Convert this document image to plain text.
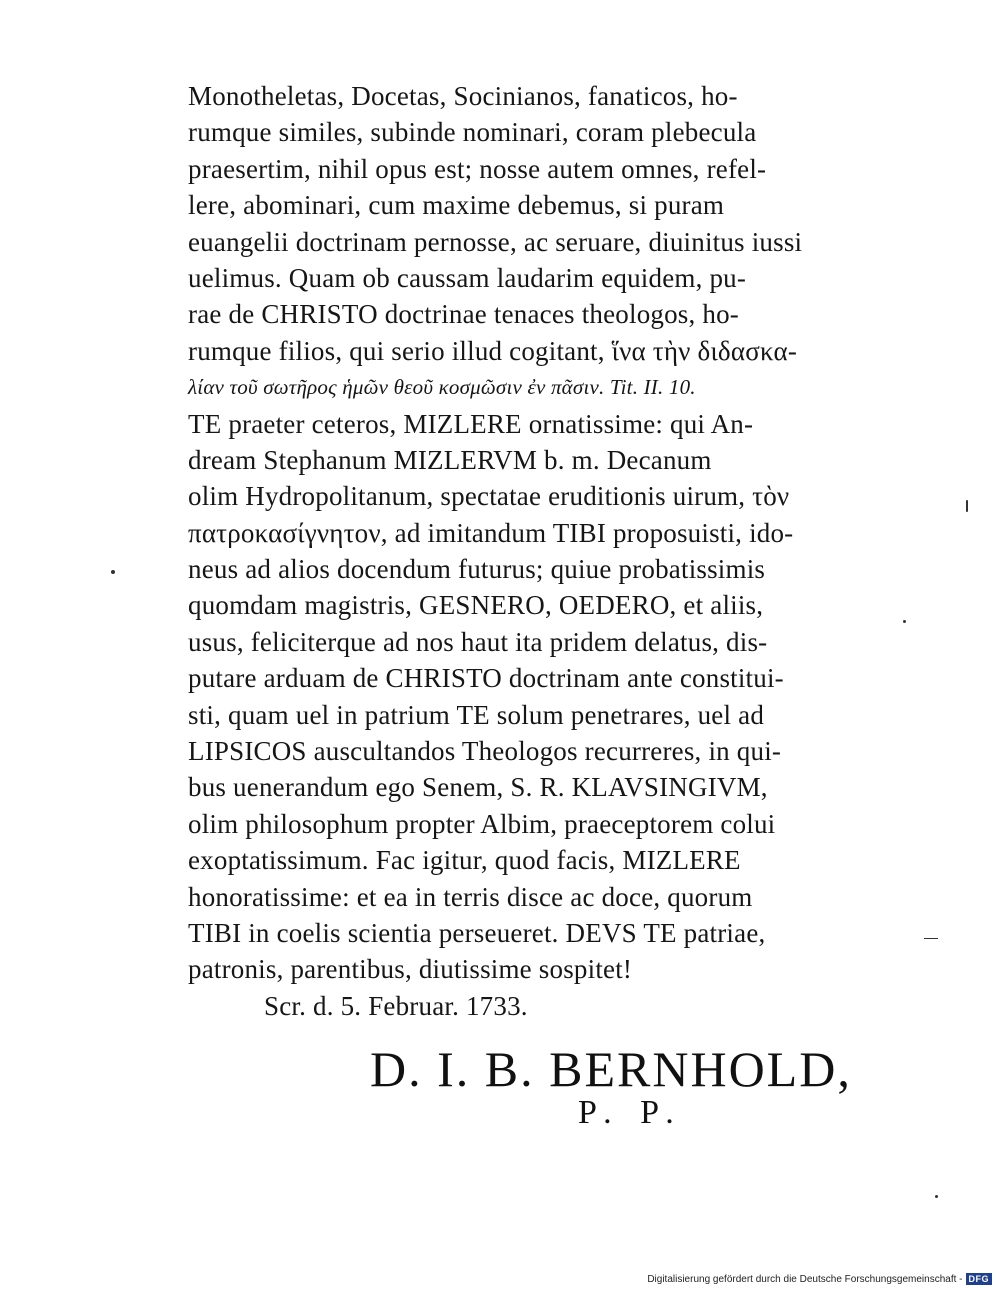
Monotheletas, Docetas, Socinianos, fanaticos, ho-
rumque similes, subinde nominari, coram plebecula
praesertim, nihil opus est; nosse autem omnes, refel-
lere, abominari, cum maxime debemus, si puram
euangelii doctrinam pernosse, ac seruare, diuinitus iussi
uelimus. Quam ob caussam laudarim equidem, pu-
rae de CHRISTO doctrinae tenaces theologos, ho-
rumque filios, qui serio illud cogitant, ἵνα τὴν διδασκα-
λίαν τοῦ σωτῆρος ἡμῶν θεοῦ κοσμῶσιν ἐν πᾶσιν. Tit. II. 10.
TE praeter ceteros, MIZLERE ornatissime: qui An-
dream Stephanum MIZLERVM b. m. Decanum
olim Hydropolitanum, spectatae eruditionis uirum, τὸν
πατροκασίγνητον, ad imitandum TIBI proposuisti, ido-
neus ad alios docendum futurus; quiue probatissimis
quomdam magistris, GESNERO, OEDERO, et aliis,
usus, feliciterque ad nos haut ita pridem delatus, dis-
putare arduam de CHRISTO doctrinam ante constitui-
sti, quam uel in patrium TE solum penetrares, uel ad
LIPSICOS auscultandos Theologos recurreres, in qui-
bus uenerandum ego Senem, S. R. KLAVSINGIVM,
olim philosophum propter Albim, praeceptorem colui
exoptatissimum. Fac igitur, quod facis, MIZLERE
honoratissime: et ea in terris disce ac doce, quorum
TIBI in coelis scientia perseueret. DEVS TE patriae,
patronis, parentibus, diutissime sospitet!
Scr. d. 5. Februar. 1733.
D. I. B. BERNHOLD,
P. P.
Digitalisierung gefördert durch die Deutsche Forschungsgemeinschaft - DFG
